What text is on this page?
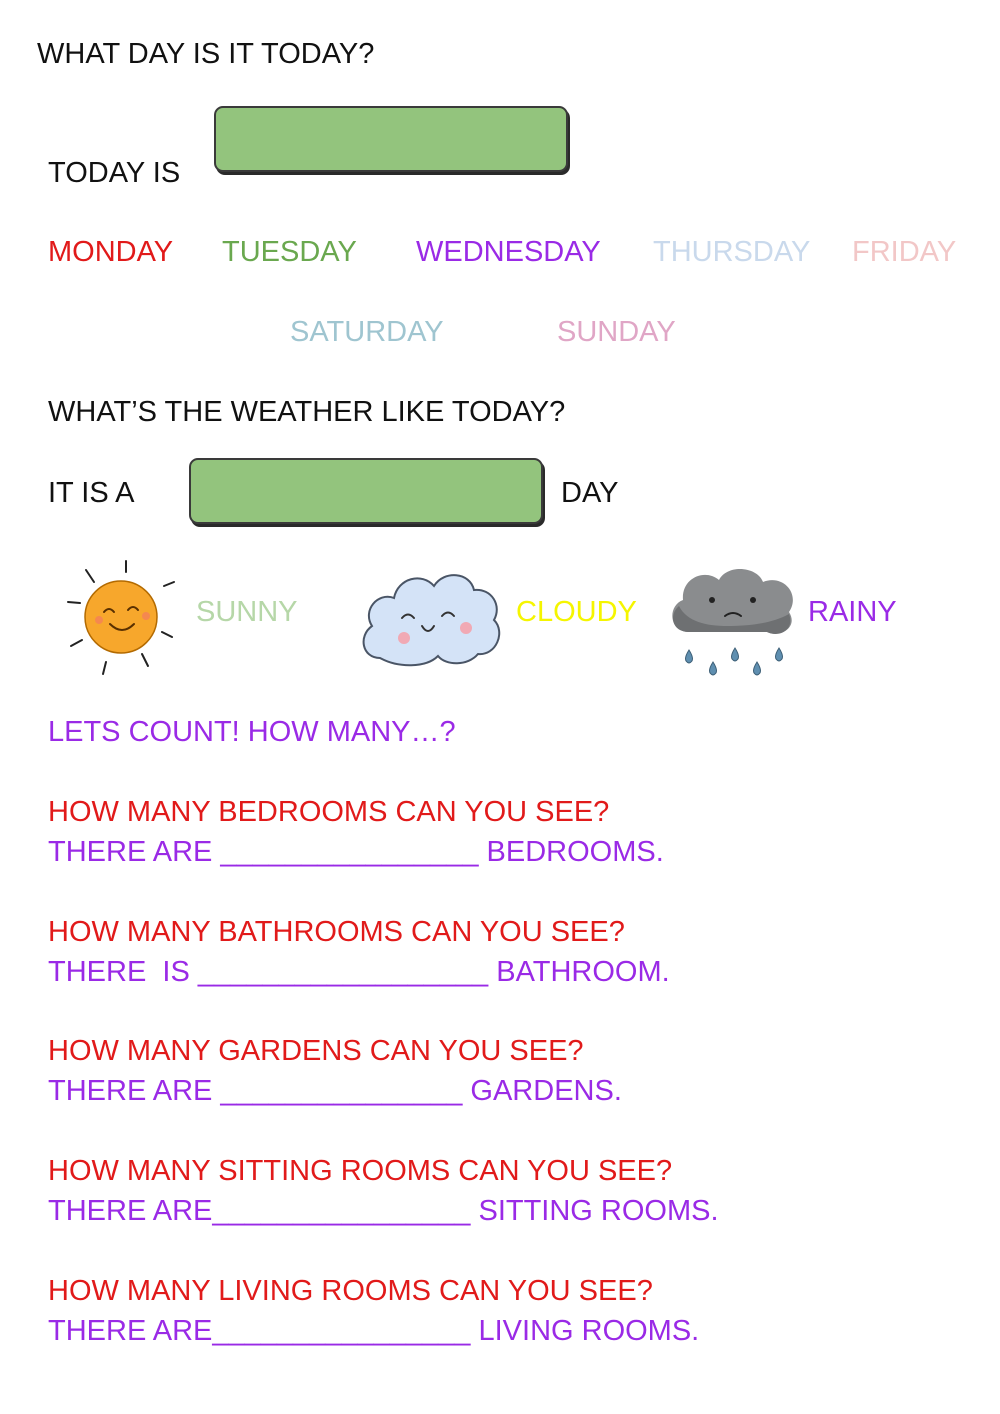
WHAT DAY IS IT TODAY?
TODAY IS
MONDAY TUESDAY WEDNESDAY THURSDAY FRIDAY
SATURDAY	SUNDAY
WHAT’S THE WEATHER LIKE TODAY?
IT IS A	DAY
SUNNY	CLOUDY	RAINY
LETS COUNT! HOW MANY…?
HOW MANY BEDROOMS CAN YOU SEE?
THERE ARE ________________ BEDROOMS.
HOW MANY BATHROOMS CAN YOU SEE?
THERE  IS __________________ BATHROOM.
HOW MANY GARDENS CAN YOU SEE?
THERE ARE _______________ GARDENS.
HOW MANY SITTING ROOMS CAN YOU SEE?
THERE ARE________________ SITTING ROOMS.
HOW MANY LIVING ROOMS CAN YOU SEE?
THERE ARE________________ LIVING ROOMS.
